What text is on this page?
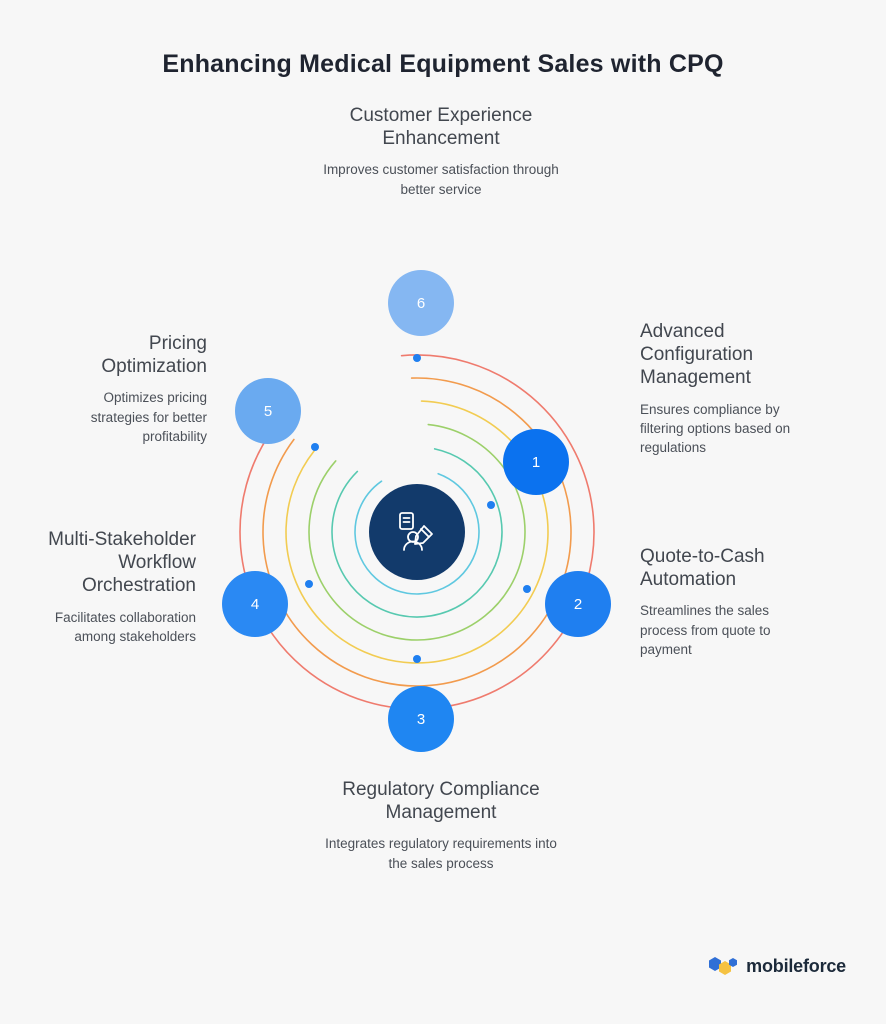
Enhancing Medical Equipment Sales with CPQ
Customer Experience Enhancement

Improves customer satisfaction through better service

Advanced Configuration Management

Ensures compliance by filtering options based on regulations

Quote-to-Cash Automation

Streamlines the sales process from quote to payment

Regulatory Compliance Management

Integrates regulatory requirements into the sales process

Multi-Stakeholder Workflow Orchestration

Facilitates collaboration among stakeholders

Pricing Optimization

Optimizes pricing strategies for better profitability

1
2
3
4
5
6
mobileforce
